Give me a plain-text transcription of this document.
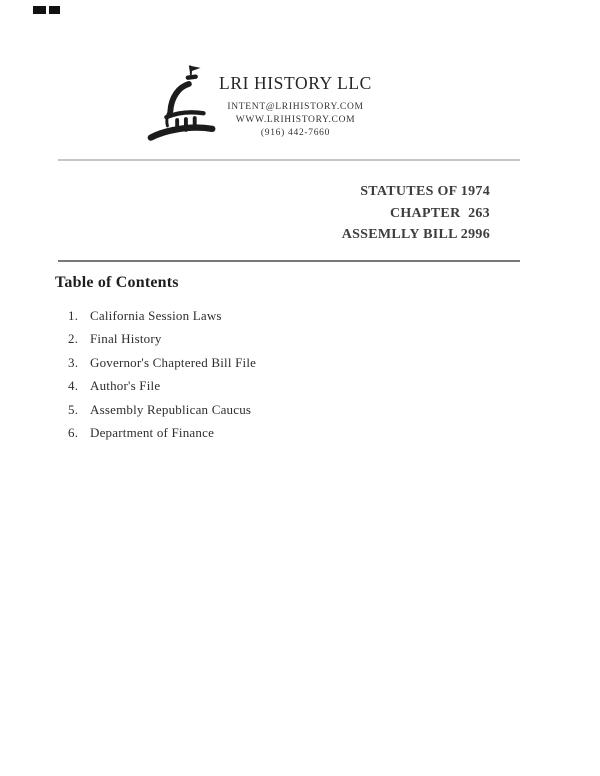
LRI HISTORY LLC
INTENT@LRIHISTORY.COM
WWW.LRIHISTORY.COM
(916) 442-7660
STATUTES OF 1974
CHAPTER  263
ASSEMLLY BILL 2996
Table of Contents
1. California Session Laws
2. Final History
3. Governor's Chaptered Bill File
4. Author's File
5. Assembly Republican Caucus
6. Department of Finance
